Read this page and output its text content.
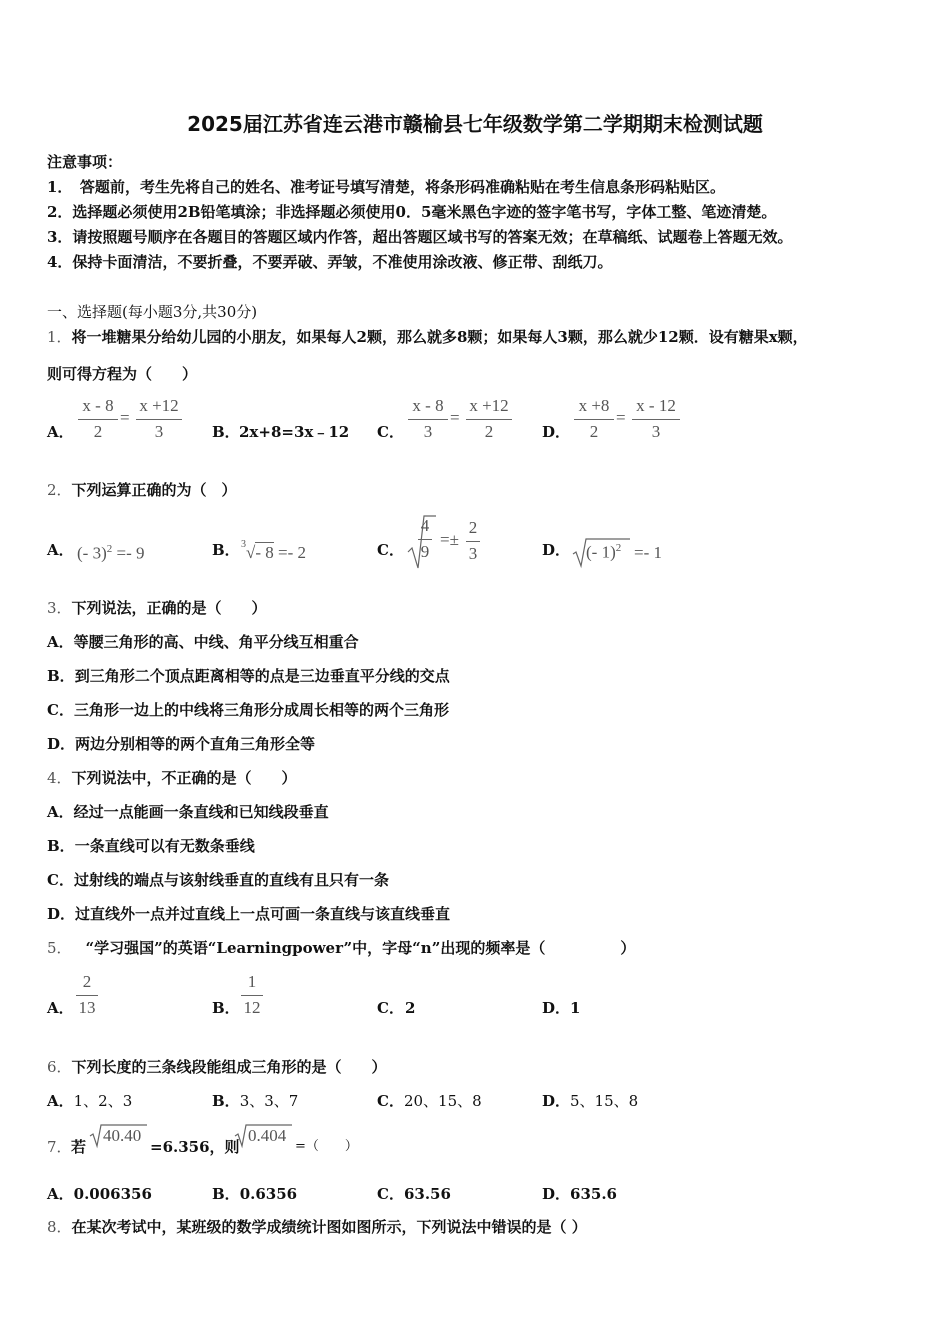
2025届江苏省连云港市赣榆县七年级数学第二学期期末检测试题
注意事项：
1．　答题前，考生先将自己的姓名、准考证号填写清楚，将条形码准确粘贴在考生信息条形码粘贴区。
2．选择题必须使用2B铅笔填涂；非选择题必须使用0．5毫米黑色字迹的签字笔书写，字体工整、笔迹清楚。
3．请按照题号顺序在各题目的答题区域内作答，超出答题区域书写的答案无效；在草稿纸、试题卷上答题无效。
4．保持卡面清洁，不要折叠，不要弄破、弄皱，不准使用涂改液、修正带、刮纸刀。
一、选择题(每小题3分,共30分)
1．将一堆糖果分给幼儿园的小朋友，如果每人2颗，那么就多8颗；如果每人3颗，那么就少12颗．设有糖果x颗，
则可得方程为（　　）
A．
x - 8
2
=
x +12
3	B． 2x+8=3x﹣12 C．
x - 8
3
=
x +12
2	D．
x +8
2
=
x - 12
3
2．下列运算正确的为（　）
A． (- 3)$^2$ =- 9	B． $^3$√- 8 =- 2	C．
4
9
=±
2
3	D． (- 1)$^2$ =- 1
3．下列说法，正确的是（　　）
A．等腰三角形的高、中线、角平分线互相重合
B．到三角形二个顶点距离相等的点是三边垂直平分线的交点
C．三角形一边上的中线将三角形分成周长相等的两个三角形
D．两边分别相等的两个直角三角形全等
4．下列说法中，不正确的是（　　）
A．经过一点能画一条直线和已知线段垂直
B．一条直线可以有无数条垂线
C．过射线的端点与该射线垂直的直线有且只有一条
D．过直线外一点并过直线上一点可画一条直线与该直线垂直
5． “学习强国”的英语“Learningpower”中，字母“n”出现的频率是（　　　　　）
A．
2
13	B．
1
12	C． 2	D． 1
6．下列长度的三条线段能组成三角形的是（　　）
A．1、2、3	B．3、3、7	C．20、15、8	D．5、15、8
7． 若
40.40
=6.356，则
0.404
=（　　）
A．0.006356	B．0.6356	C．63.56	D．635.6
8．在某次考试中，某班级的数学成绩统计图如图所示，下列说法中错误的是（ ）
